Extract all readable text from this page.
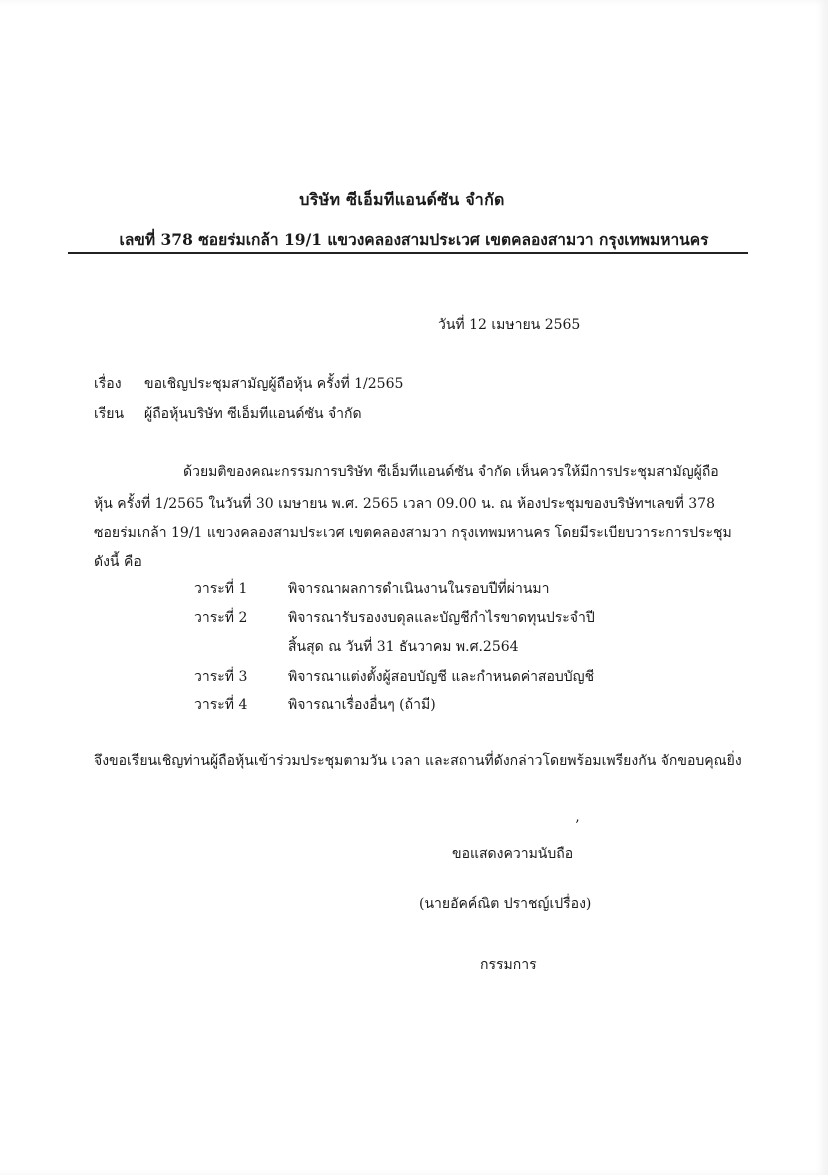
บริษัท ซีเอ็มทีแอนด์ซัน จำกัด
เลขที่ 378 ซอยร่มเกล้า 19/1 แขวงคลองสามประเวศ เขตคลองสามวา กรุงเทพมหานคร
วันที่ 12 เมษายน 2565
เรื่อง ขอเชิญประชุมสามัญผู้ถือหุ้น ครั้งที่ 1/2565
เรียน ผู้ถือหุ้นบริษัท ซีเอ็มทีแอนด์ซัน จำกัด
ด้วยมติของคณะกรรมการบริษัท ซีเอ็มทีแอนด์ซัน จำกัด เห็นควรให้มีการประชุมสามัญผู้ถือ
หุ้น ครั้งที่ 1/2565 ในวันที่ 30 เมษายน พ.ศ. 2565 เวลา 09.00 น. ณ ห้องประชุมของบริษัทฯเลขที่ 378
ซอยร่มเกล้า 19/1 แขวงคลองสามประเวศ เขตคลองสามวา กรุงเทพมหานคร โดยมีระเบียบวาระการประชุม
ดังนี้ คือ
วาระที่ 1	พิจารณาผลการดำเนินงานในรอบปีที่ผ่านมา
วาระที่ 2	พิจารณารับรองงบดุลและบัญชีกำไรขาดทุนประจำปี
สิ้นสุด ณ วันที่ 31 ธันวาคม พ.ศ.2564
วาระที่ 3	พิจารณาแต่งตั้งผู้สอบบัญชี และกำหนดค่าสอบบัญชี
วาระที่ 4	พิจารณาเรื่องอื่นๆ (ถ้ามี)
จึงขอเรียนเชิญท่านผู้ถือหุ้นเข้าร่วมประชุมตามวัน เวลา และสถานที่ดังกล่าวโดยพร้อมเพรียงกัน จักขอบคุณยิ่ง
’
ขอแสดงความนับถือ
(นายอัคค์ณิต ปราชญ์เปรื่อง)
กรรมการ
